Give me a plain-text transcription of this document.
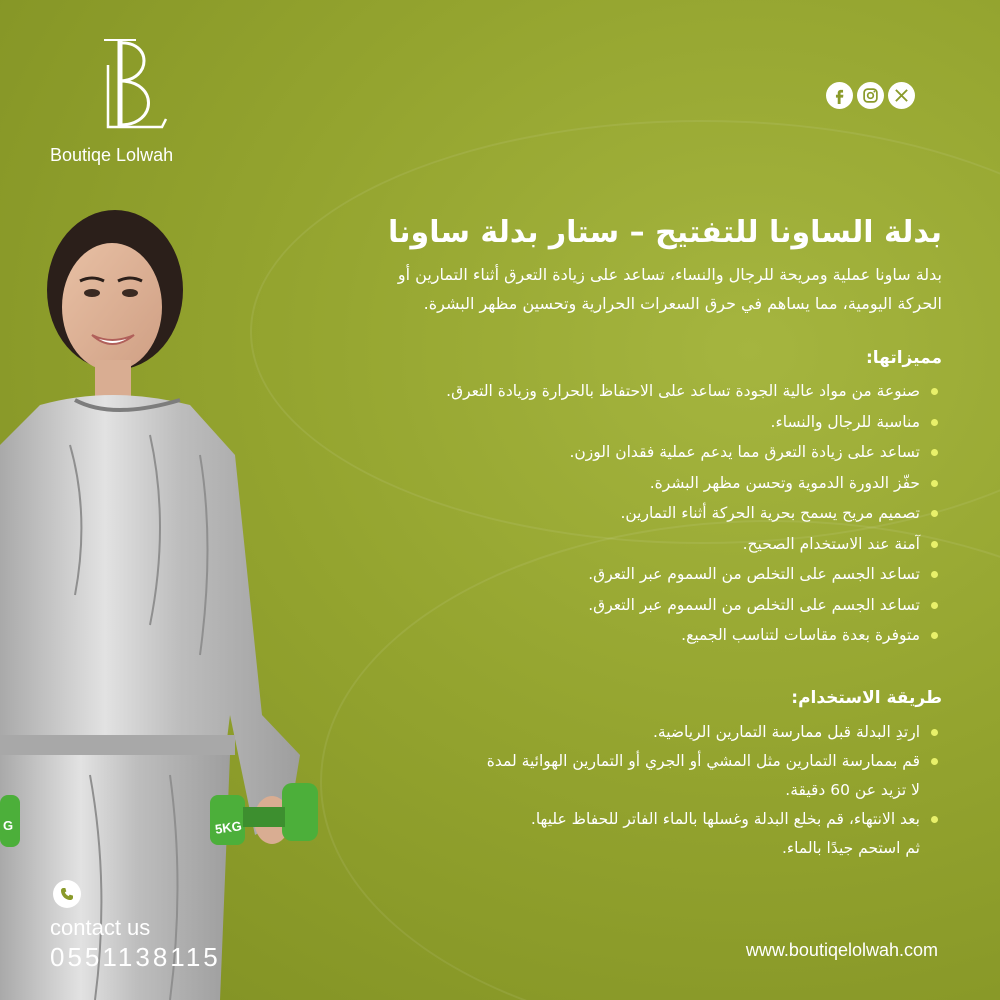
Boutiqe Lolwah
5KG
G
بدلة الساونا للتفتيح – ستار بدلة ساونا

بدلة ساونا عملية ومريحة للرجال والنساء، تساعد على زيادة التعرق أثناء التمارين أو
الحركة اليومية، مما يساهم في حرق السعرات الحرارية وتحسين مظهر البشرة.

مميزاتها:
صنوعة من مواد عالية الجودة تساعد على الاحتفاظ بالحرارة وزيادة التعرق.
مناسبة للرجال والنساء.
تساعد على زيادة التعرق مما يدعم عملية فقدان الوزن.
حفّز الدورة الدموية وتحسن مظهر البشرة.
تصميم مريح يسمح بحرية الحركة أثناء التمارين.
آمنة عند الاستخدام الصحيح.
تساعد الجسم على التخلص من السموم عبر التعرق.
تساعد الجسم على التخلص من السموم عبر التعرق.
متوفرة بعدة مقاسات لتناسب الجميع.
طريقة الاستخدام:
ارتدِ البدلة قبل ممارسة التمارين الرياضية.
قم بممارسة التمارين مثل المشي أو الجري أو التمارين الهوائية لمدة
لا تزيد عن 60 دقيقة.
بعد الانتهاء، قم بخلع البدلة وغسلها بالماء الفاتر للحفاظ عليها.
ثم استحم جيدًا بالماء.
contact us
0551138115	www.boutiqelolwah.com
